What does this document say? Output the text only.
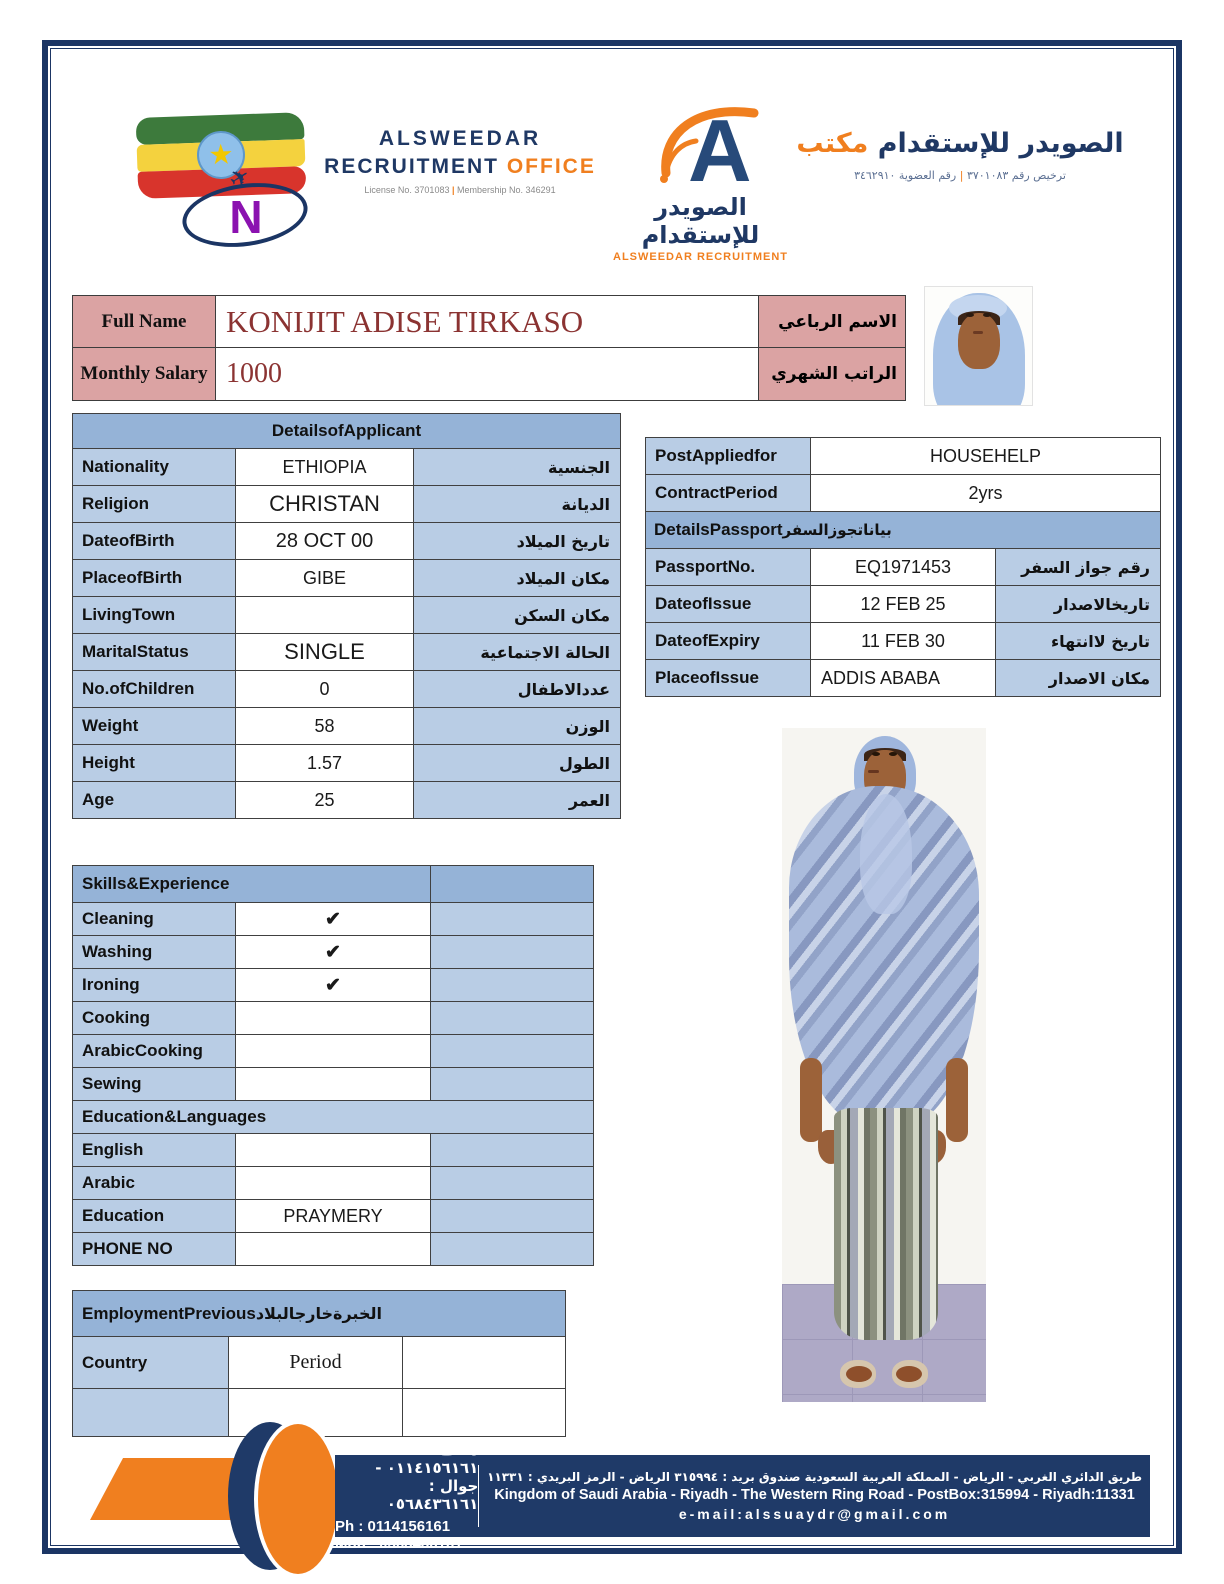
★
N
✈
ALSWEEDAR
RECRUITMENT OFFICE
License No. 3701083 | Membership No. 346291	A
الصويدر للإستقدام
ALSWEEDAR RECRUITMENT
الصويدر للإستقدام مكتب
ترخيص رقم ٣٧٠١٠٨٣ | رقم العضوية ٣٤٦٢٩١٠
Full Name	KONIJIT ADISE TIRKASO	الاسم الرباعي
Monthly Salary	1000	الراتب الشهري
DetailsofApplicant		
Nationality	ETHIOPIA	الجنسية
Religion	CHRISTAN	الديانة
DateofBirth	28 OCT 00	تاريخ الميلاد
PlaceofBirth	GIBE	مكان الميلاد
LivingTown		مكان السكن
MaritalStatus	SINGLE	الحالة الاجتماعية
No.ofChildren	0	عددالاطفال
Weight	58	الوزن
Height	1.57	الطول
Age	25	العمر
PostAppliedfor	HOUSEHELP	
ContractPeriod	2yrs	
DetailsPassportبياناتجوزالسفر		
PassportNo.	EQ1971453	رقم جواز السفر
DateofIssue	12 FEB 25	تاريخالاصدار
DateofExpiry	11 FEB 30	تاريخ لاانتهاء
PlaceofIssue	ADDIS ABABA	مكان الاصدار
Skills&Experience		
Cleaning	✔	
Washing	✔	
Ironing	✔	
Cooking		
ArabicCooking		
Sewing		
Education&Languages		
English		
Arabic		
Education	PRAYMERY	
PHONE NO		
EmploymentPreviousالخبرةخارجالبلاد		
Country	Period	

هاتف : ٠١١٤١٥٦١٦١ - جوال : ٠٥٦٨٤٣٦١٦١
Ph : 0114156161 Mob : 0568436161
طريق الدائري الغربي - الرياض - المملكة العربية السعودية صندوق بريد : ٣١٥٩٩٤ الرياض - الرمز البريدي : ١١٣٣١
Kingdom of Saudi Arabia - Riyadh - The Western Ring Road - PostBox:315994 - Riyadh:11331
e-mail:alssuaydr@gmail.com
